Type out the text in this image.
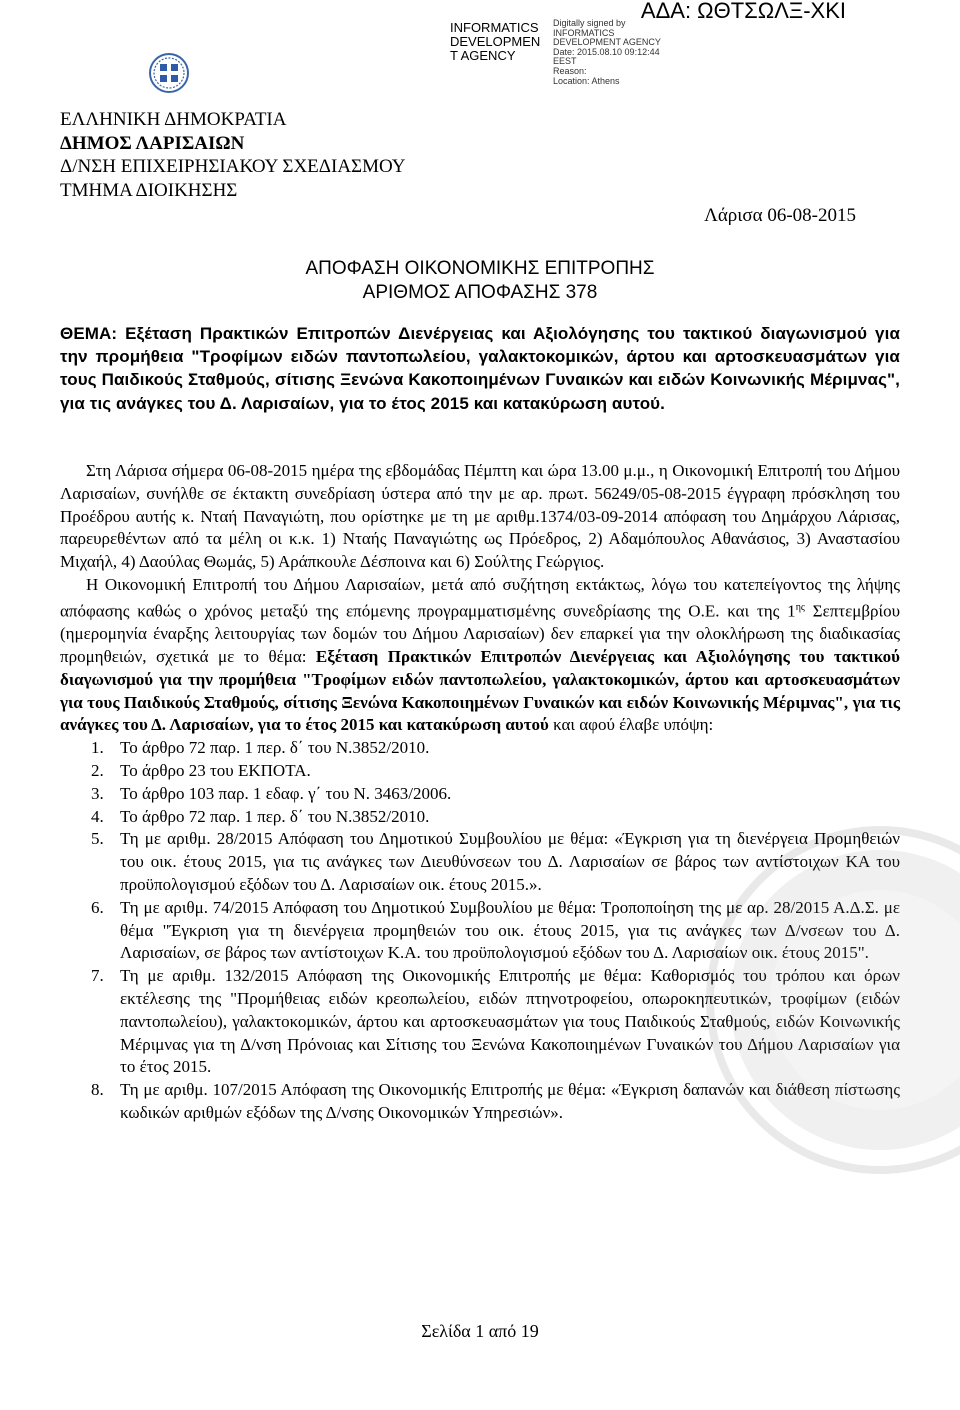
ΑΔΑ: ΩΘΤΣΩΛΞ-ΧΚΙ
INFORMATICS DEVELOPMEN T AGENCY
Digitally signed by
INFORMATICS
DEVELOPMENT AGENCY
Date: 2015.08.10 09:12:44
EEST
Reason:
Location: Athens
ΕΛΛΗΝΙΚΗ ΔΗΜΟΚΡΑΤΙΑ
ΔΗΜΟΣ ΛΑΡΙΣΑΙΩΝ
Δ/ΝΣΗ ΕΠΙΧΕΙΡΗΣΙΑΚΟΥ ΣΧΕΔΙΑΣΜΟΥ
ΤΜΗΜΑ ΔΙΟΙΚΗΣΗΣ
Λάρισα 06-08-2015
ΑΠΟΦΑΣΗ ΟΙΚΟΝΟΜΙΚΗΣ ΕΠΙΤΡΟΠΗΣ
ΑΡΙΘΜΟΣ ΑΠΟΦΑΣΗΣ 378
ΘΕΜΑ: Εξέταση Πρακτικών Επιτροπών Διενέργειας και Αξιολόγησης του τακτικού διαγωνισμού για την προμήθεια "Τροφίμων ειδών παντοπωλείου, γαλακτοκομικών, άρτου και αρτοσκευασμάτων για τους Παιδικούς Σταθμούς, σίτισης Ξενώνα Κακοποιημένων Γυναικών και ειδών Κοινωνικής Μέριμνας", για τις ανάγκες του Δ. Λαρισαίων, για το έτος 2015 και κατακύρωση αυτού.

Στη Λάρισα σήμερα 06-08-2015 ημέρα της εβδομάδας Πέμπτη και ώρα 13.00 μ.μ., η Οικονομική Επιτροπή του Δήμου Λαρισαίων, συνήλθε σε έκτακτη συνεδρίαση ύστερα από την με αρ. πρωτ. 56249/05-08-2015 έγγραφη πρόσκληση του Προέδρου αυτής κ. Νταή Παναγιώτη, που ορίστηκε με τη με αριθμ.1374/03-09-2014 απόφαση του Δημάρχου Λάρισας, παρευρεθέντων από τα μέλη οι κ.κ. 1) Νταής Παναγιώτης ως Πρόεδρος, 2) Αδαμόπουλος Αθανάσιος, 3) Αναστασίου Μιχαήλ, 4) Δαούλας Θωμάς, 5) Αράπκουλε Δέσποινα και 6) Σούλτης Γεώργιος.

Η Οικονομική Επιτροπή του Δήμου Λαρισαίων, μετά από συζήτηση εκτάκτως, λόγω του κατεπείγοντος της λήψης απόφασης καθώς ο χρόνος μεταξύ της επόμενης προγραμματισμένης συνεδρίασης της Ο.Ε. και της $1^{\eta\varsigma}$ Σεπτεμβρίου (ημερομηνία έναρξης λειτουργίας των δομών του Δήμου Λαρισαίων) δεν επαρκεί για την ολοκλήρωση της διαδικασίας προμηθειών, σχετικά με το θέμα: Εξέταση Πρακτικών Επιτροπών Διενέργειας και Αξιολόγησης του τακτικού διαγωνισμού για την προμήθεια "Τροφίμων ειδών παντοπωλείου, γαλακτοκομικών, άρτου και αρτοσκευασμάτων για τους Παιδικούς Σταθμούς, σίτισης Ξενώνα Κακοποιημένων Γυναικών και ειδών Κοινωνικής Μέριμνας", για τις ανάγκες του Δ. Λαρισαίων, για το έτος 2015 και κατακύρωση αυτού και αφού έλαβε υπόψη:

1. Το άρθρο 72 παρ. 1 περ. δ΄ του Ν.3852/2010.
2. Το άρθρο 23 του ΕΚΠΟΤΑ.
3. Το άρθρο 103 παρ. 1 εδαφ. γ΄ του Ν. 3463/2006.
4. Το άρθρο 72 παρ. 1 περ. δ΄ του Ν.3852/2010.
5. Τη με αριθμ. 28/2015 Απόφαση του Δημοτικού Συμβουλίου με θέμα: «Έγκριση για τη διενέργεια Προμηθειών του οικ. έτους 2015, για τις ανάγκες των Διευθύνσεων του Δ. Λαρισαίων σε βάρος των αντίστοιχων ΚΑ του προϋπολογισμού εξόδων του Δ. Λαρισαίων οικ. έτους 2015.».
6. Τη με αριθμ. 74/2015 Απόφαση του Δημοτικού Συμβουλίου με θέμα: Τροποποίηση της με αρ. 28/2015 Α.Δ.Σ. με θέμα "Έγκριση για τη διενέργεια προμηθειών του οικ. έτους 2015, για τις ανάγκες των Δ/νσεων του Δ. Λαρισαίων, σε βάρος των αντίστοιχων Κ.Α. του προϋπολογισμού εξόδων του Δ. Λαρισαίων οικ. έτους 2015".
7. Τη με αριθμ. 132/2015 Απόφαση της Οικονομικής Επιτροπής με θέμα: Καθορισμός του τρόπου και όρων εκτέλεσης της "Προμήθειας ειδών κρεοπωλείου, ειδών πτηνοτροφείου, οπωροκηπευτικών, τροφίμων (ειδών παντοπωλείου), γαλακτοκομικών, άρτου και αρτοσκευασμάτων για τους Παιδικούς Σταθμούς, ειδών Κοινωνικής Μέριμνας για τη Δ/νση Πρόνοιας και Σίτισης του Ξενώνα Κακοποιημένων Γυναικών του Δήμου Λαρισαίων για το έτος 2015.
8. Τη με αριθμ. 107/2015 Απόφαση της Οικονομικής Επιτροπής με θέμα: «Έγκριση δαπανών και διάθεση πίστωσης κωδικών αριθμών εξόδων της Δ/νσης Οικονομικών Υπηρεσιών».
Σελίδα 1 από 19
